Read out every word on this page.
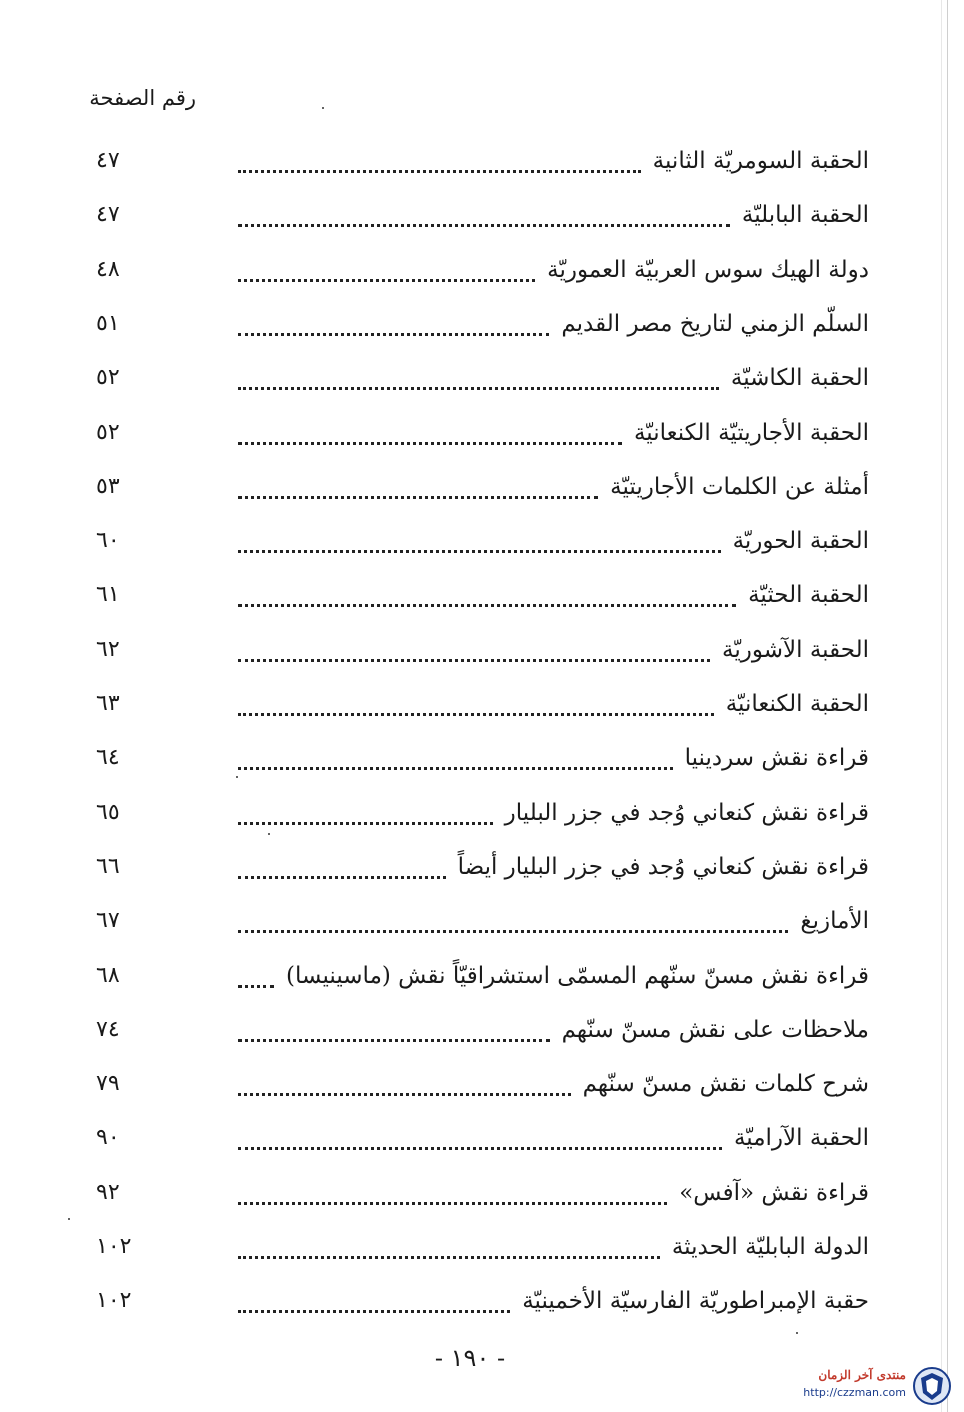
رقم الصفحة
الحقبة السومريّة الثانية
٤٧
الحقبة البابليّة
٤٧
دولة الهيك سوس العربيّة العموريّة
٤٨
السلّم الزمني لتاريخ مصر القديم
٥١
الحقبة الكاشيّة
٥٢
الحقبة الأجاريتيّة الكنعانيّة
٥٢
أمثلة عن الكلمات الأجاريتيّة
٥٣
الحقبة الحوريّة
٦٠
الحقبة الحثيّة
٦١
الحقبة الآشوريّة
٦٢
الحقبة الكنعانيّة
٦٣
قراءة نقش سردينيا
٦٤
قراءة نقش كنعاني وُجد في جزر البليار
٦٥
قراءة نقش كنعاني وُجد في جزر البليار أيضاً
٦٦
الأمازيغ
٦٧
قراءة نقش مسنّ سنّهم المسمّى استشراقيّاً نقش (ماسينيسا)
٦٨
ملاحظات على نقش مسنّ سنّهم
٧٤
شرح كلمات نقش مسنّ سنّهم
٧٩
الحقبة الآراميّة
٩٠
قراءة نقش «آفس»
٩٢
الدولة البابليّة الحديثة
١٠٢
حقبة الإمبراطوريّة الفارسيّة الأخمينيّة
١٠٢
- ١٩٠ -
منتدى آخر الزمان
http://czzman.com
